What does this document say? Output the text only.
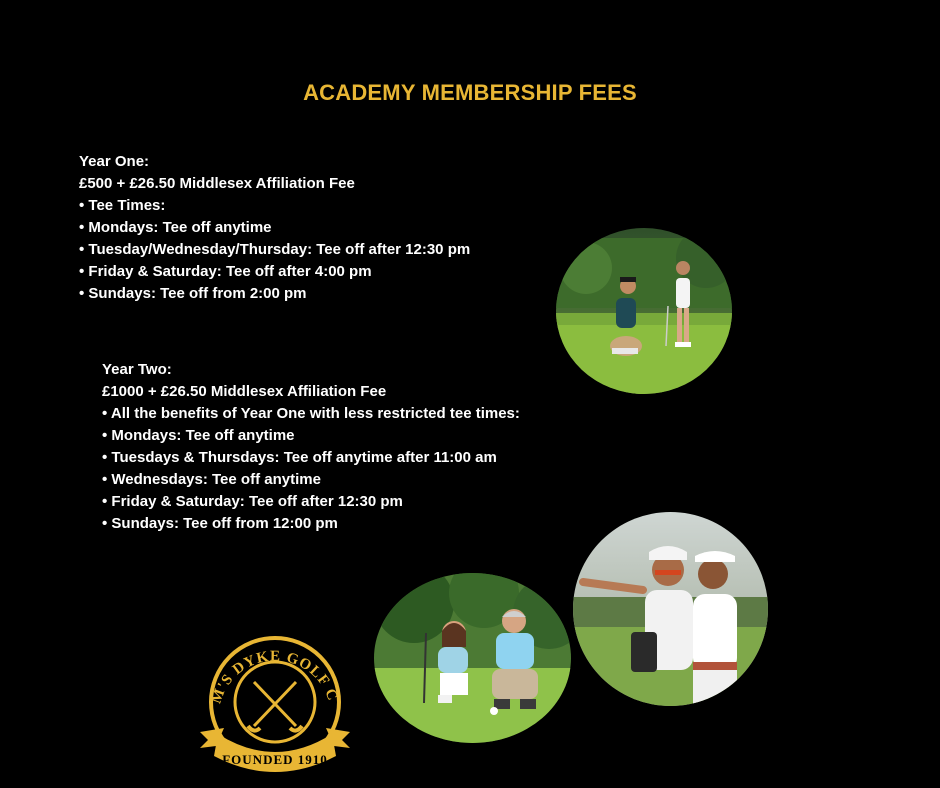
ACADEMY MEMBERSHIP FEES
Year One:
£500 + £26.50 Middlesex Affiliation Fee
• Tee Times:
• Mondays: Tee off anytime
• Tuesday/Wednesday/Thursday: Tee off after 12:30 pm
• Friday & Saturday: Tee off after 4:00 pm
• Sundays: Tee off from 2:00 pm
Year Two:
£1000 + £26.50 Middlesex Affiliation Fee
• All the benefits of Year One with less restricted tee times:
• Mondays: Tee off anytime
• Tuesdays & Thursdays: Tee off anytime after 11:00 am
• Wednesdays: Tee off anytime
• Friday & Saturday: Tee off after 12:30 pm
• Sundays: Tee off from 12:00 pm
M'S DYKE GOLF C
FOUNDED 1910
